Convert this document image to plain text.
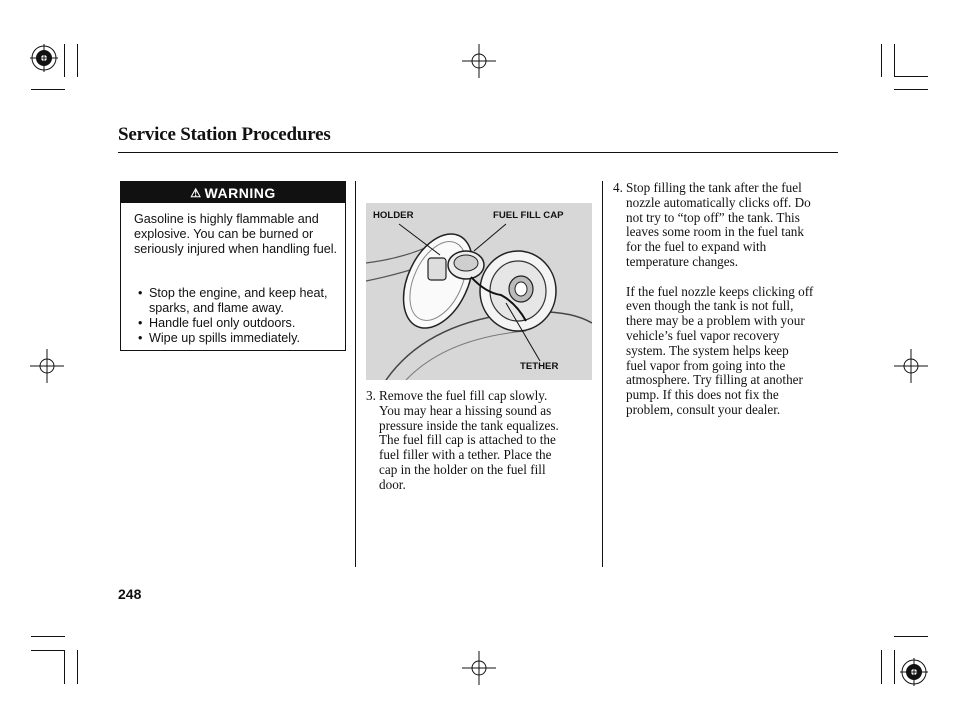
Service Station Procedures
⚠ WARNING
Gasoline is highly flammable and explosive. You can be burned or seriously injured when handling fuel.
• Stop the engine, and keep heat, sparks, and flame away.
• Handle fuel only outdoors.
• Wipe up spills immediately.
HOLDER	FUEL FILL CAP
TETHER
3. Remove the fuel fill cap slowly.
You may hear a hissing sound as
pressure inside the tank equalizes.
The fuel fill cap is attached to the
fuel filler with a tether. Place the
cap in the holder on the fuel fill
door.
4. Stop filling the tank after the fuel
nozzle automatically clicks off. Do
not try to “top off” the tank. This
leaves some room in the fuel tank
for the fuel to expand with
temperature changes.
If the fuel nozzle keeps clicking off
even though the tank is not full,
there may be a problem with your
vehicle’s fuel vapor recovery
system. The system helps keep
fuel vapor from going into the
atmosphere. Try filling at another
pump. If this does not fix the
problem, consult your dealer.
248
